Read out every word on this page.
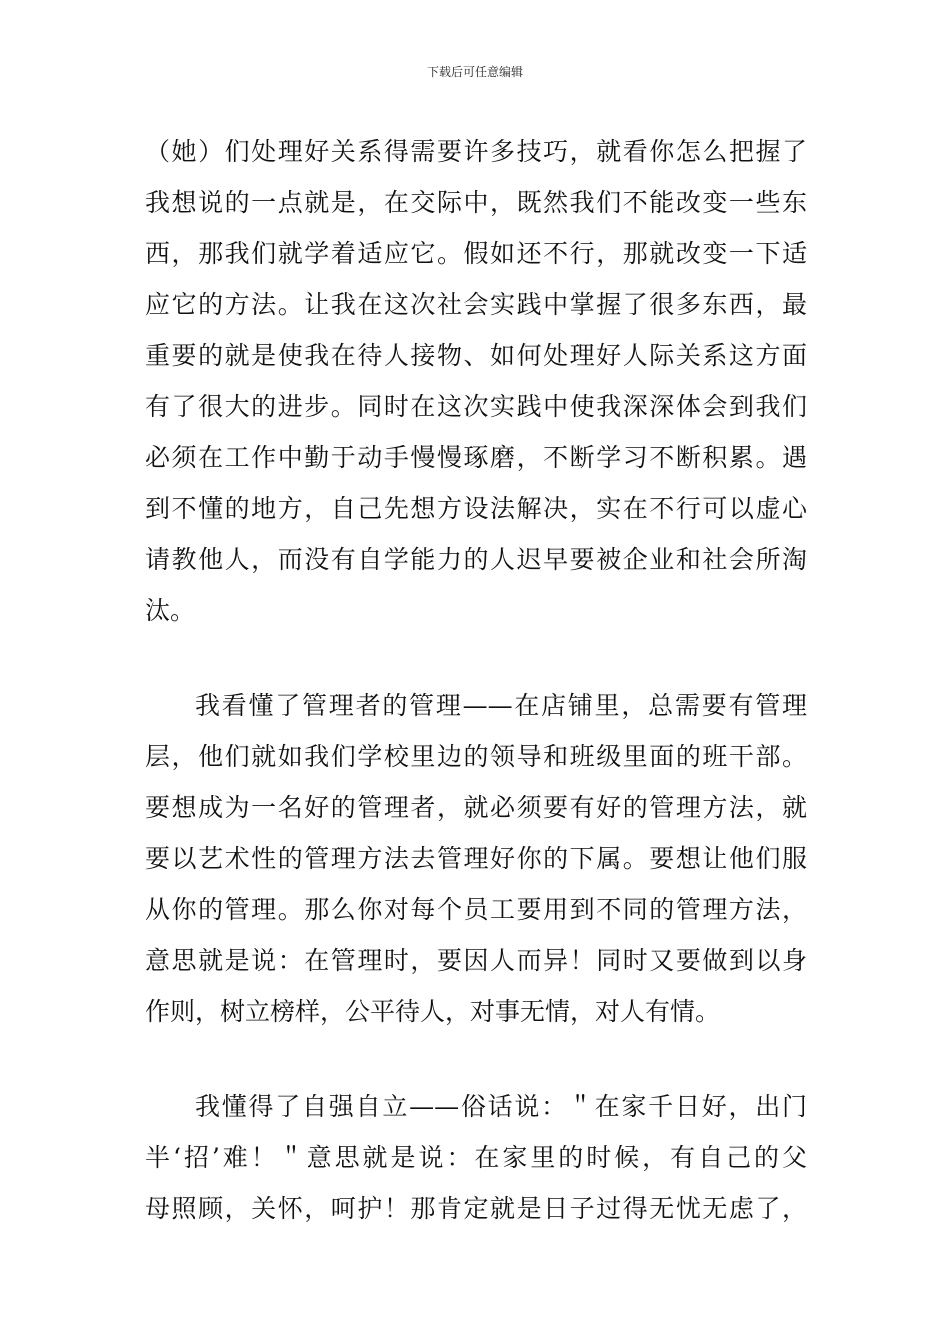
下载后可任意编辑
（她）们处理好关系得需要许多技巧，就看你怎么把握了
我想说的一点就是，在交际中，既然我们不能改变一些东
西，那我们就学着适应它。假如还不行，那就改变一下适
应它的方法。让我在这次社会实践中掌握了很多东西，最
重要的就是使我在待人接物、如何处理好人际关系这方面
有了很大的进步。同时在这次实践中使我深深体会到我们
必须在工作中勤于动手慢慢琢磨，不断学习不断积累。遇
到不懂的地方，自己先想方设法解决，实在不行可以虚心
请教他人，而没有自学能力的人迟早要被企业和社会所淘
汰。
我看懂了管理者的管理——在店铺里，总需要有管理
层，他们就如我们学校里边的领导和班级里面的班干部。
要想成为一名好的管理者，就必须要有好的管理方法，就
要以艺术性的管理方法去管理好你的下属。要想让他们服
从你的管理。那么你对每个员工要用到不同的管理方法，
意思就是说：在管理时，要因人而异！同时又要做到以身
作则，树立榜样，公平待人，对事无情，对人有情。
我懂得了自强自立——俗话说：＂在家千日好，出门
半‘招’难！＂意思就是说：在家里的时候，有自己的父
母照顾，关怀，呵护！那肯定就是日子过得无忧无虑了，
